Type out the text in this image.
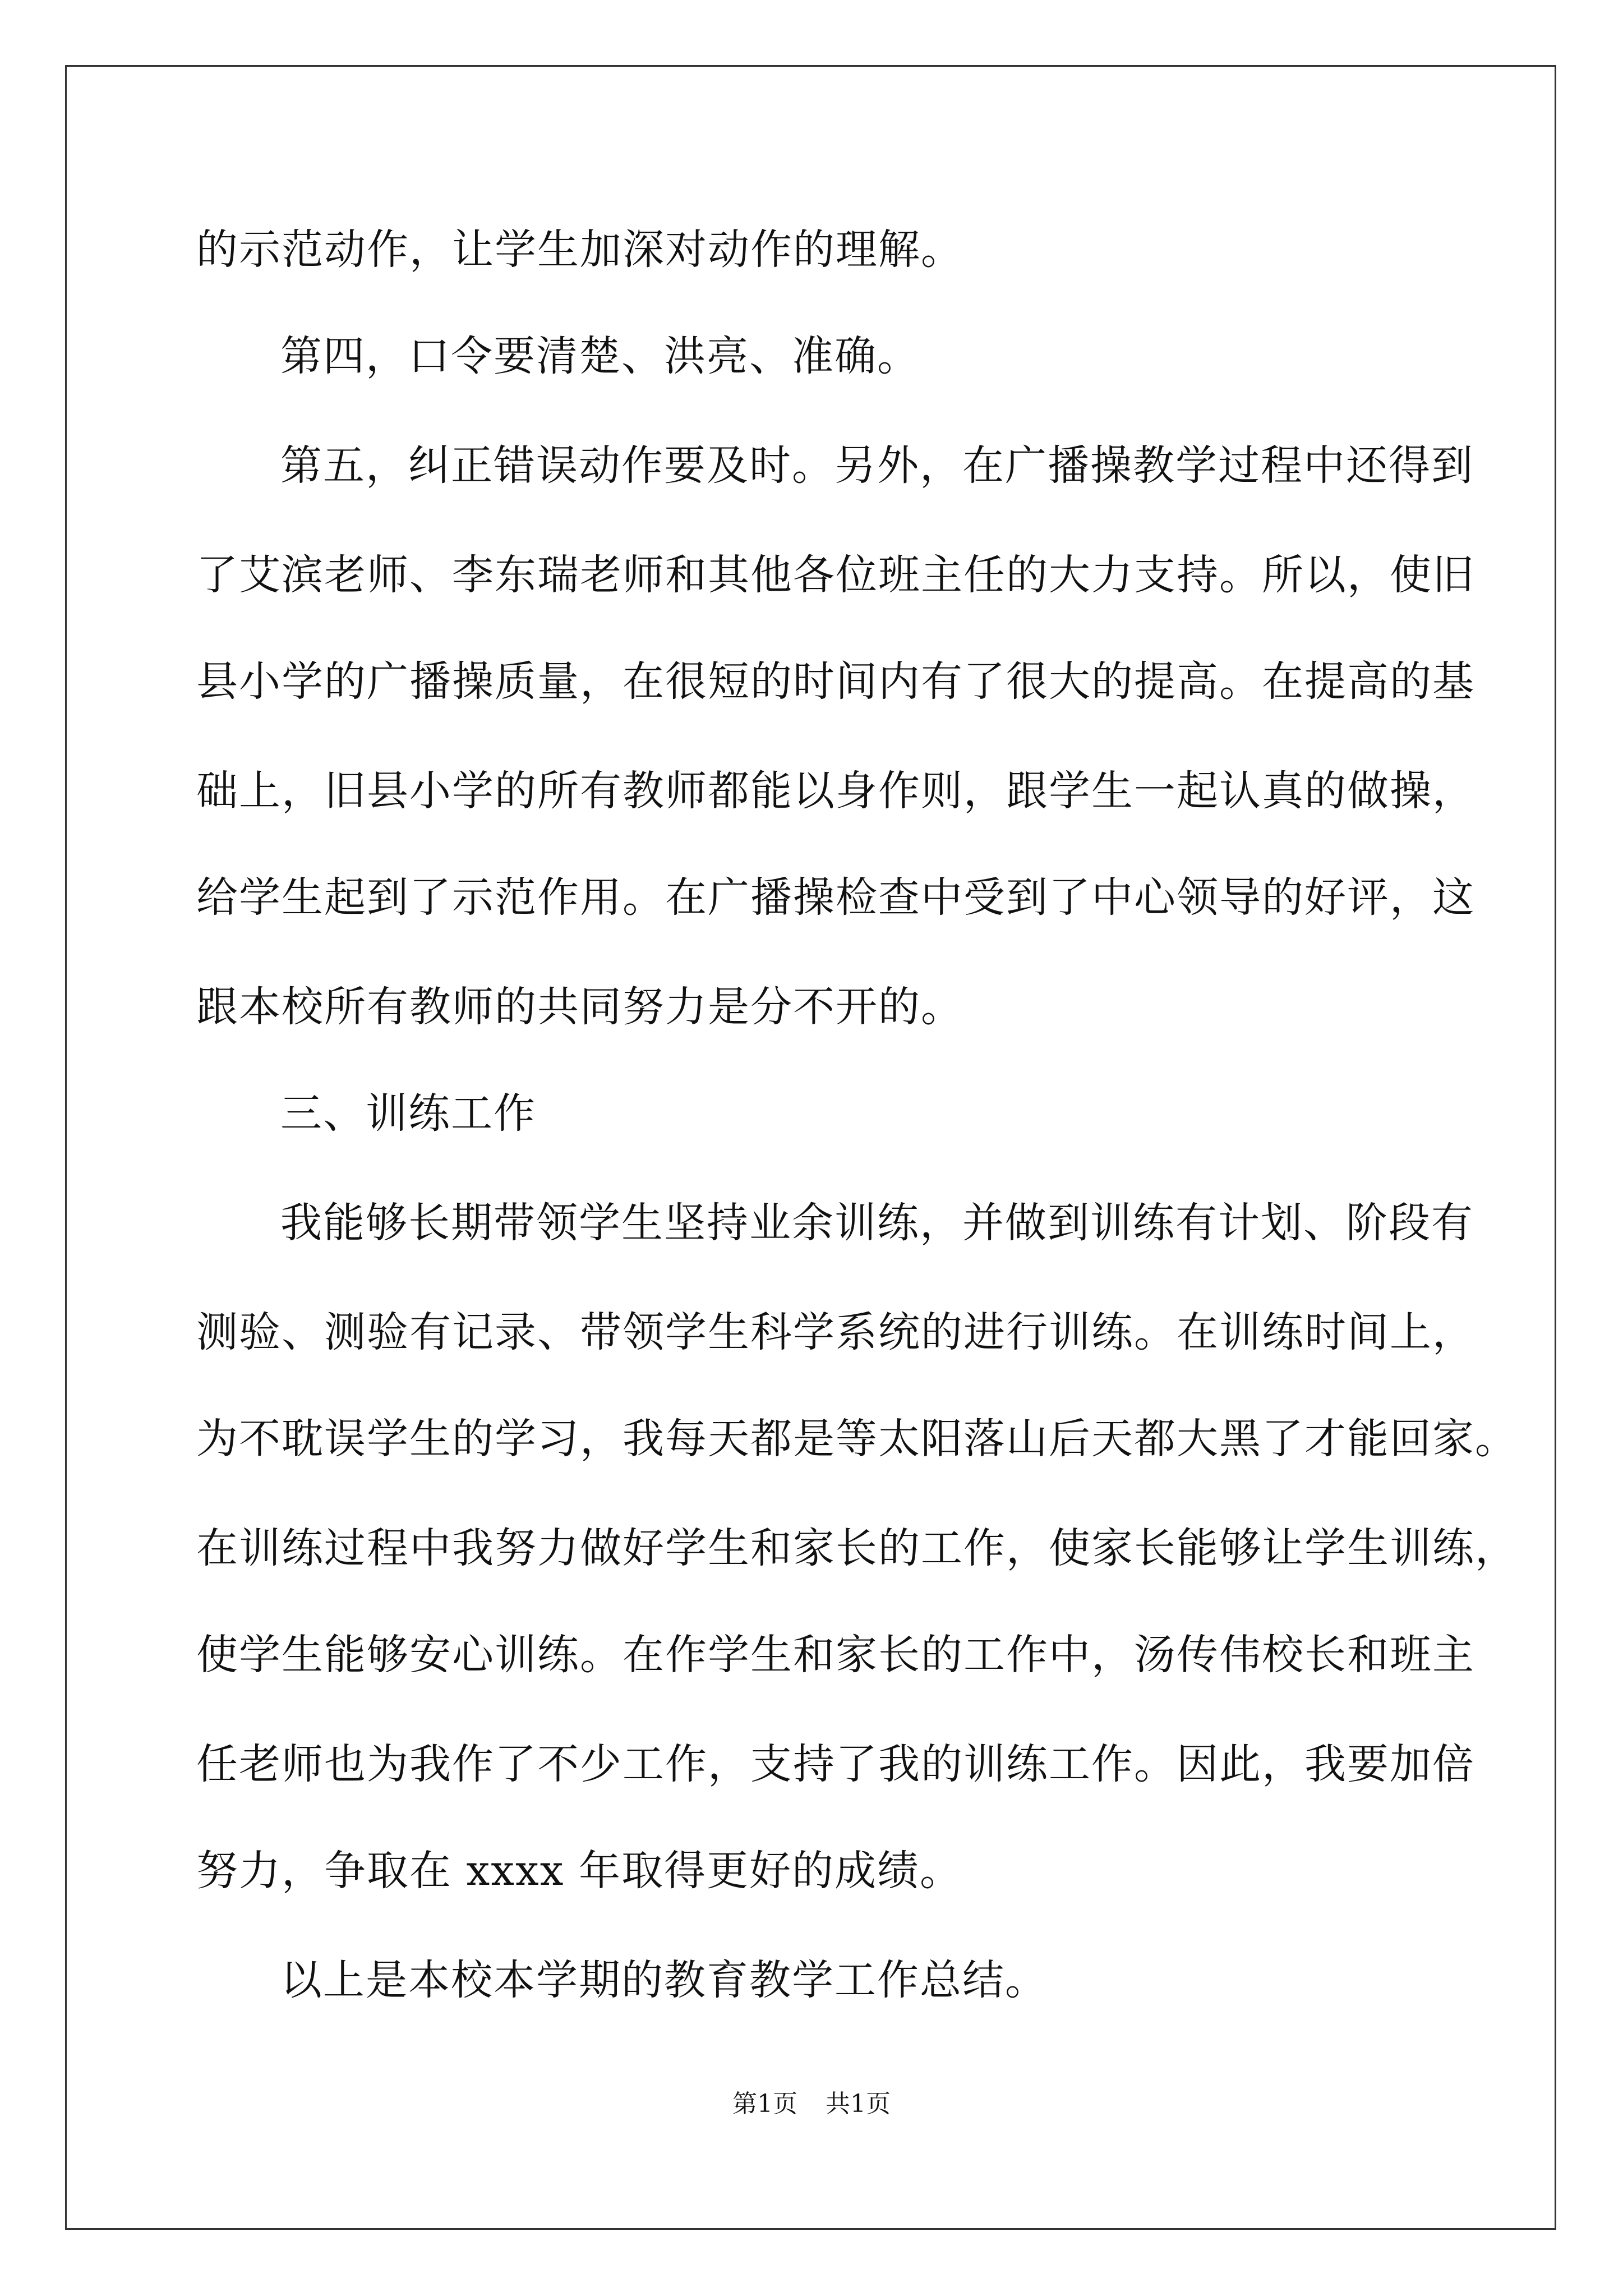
的示范动作，让学生加深对动作的理解。
第四，口令要清楚、洪亮、准确。
第五，纠正错误动作要及时。另外，在广播操教学过程中还得到
了艾滨老师、李东瑞老师和其他各位班主任的大力支持。所以，使旧
县小学的广播操质量，在很短的时间内有了很大的提高。在提高的基
础上，旧县小学的所有教师都能以身作则，跟学生一起认真的做操，
给学生起到了示范作用。在广播操检查中受到了中心领导的好评，这
跟本校所有教师的共同努力是分不开的。
三、训练工作
我能够长期带领学生坚持业余训练，并做到训练有计划、阶段有
测验、测验有记录、带领学生科学系统的进行训练。在训练时间上，
为不耽误学生的学习，我每天都是等太阳落山后天都大黑了才能回家。
在训练过程中我努力做好学生和家长的工作，使家长能够让学生训练，
使学生能够安心训练。在作学生和家长的工作中，汤传伟校长和班主
任老师也为我作了不少工作，支持了我的训练工作。因此，我要加倍
努力，争取在 xxxx 年取得更好的成绩。
以上是本校本学期的教育教学工作总结。
第1页 共1页
